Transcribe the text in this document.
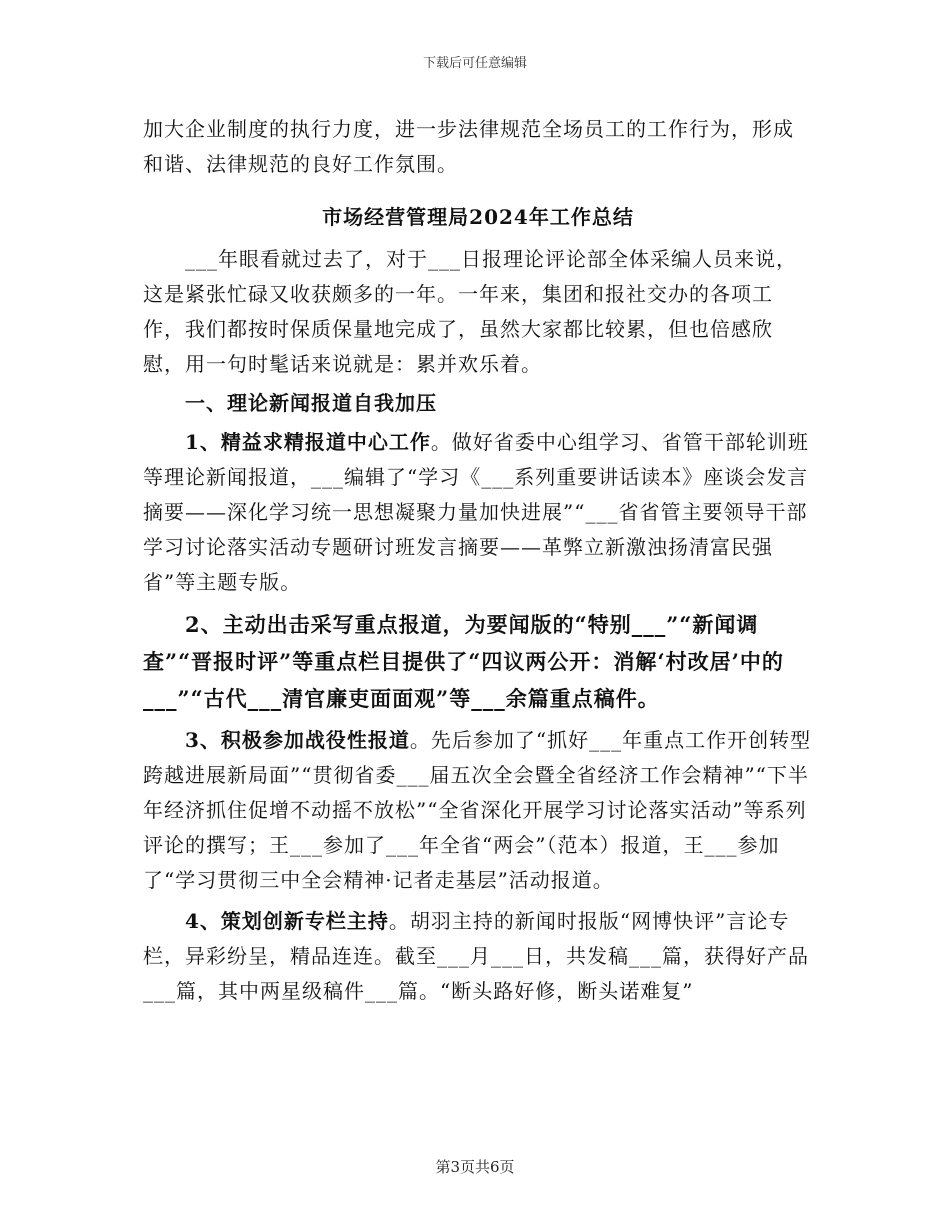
下载后可任意编辑

加大企业制度的执行力度，进一步法律规范全场员工的工作行为，形成和谐、法律规范的良好工作氛围。

市场经营管理局2024年工作总结

___年眼看就过去了，对于___日报理论评论部全体采编人员来说，这是紧张忙碌又收获颇多的一年。一年来，集团和报社交办的各项工作，我们都按时保质保量地完成了，虽然大家都比较累，但也倍感欣慰，用一句时髦话来说就是：累并欢乐着。

一、理论新闻报道自我加压

1、精益求精报道中心工作。做好省委中心组学习、省管干部轮训班等理论新闻报道，___编辑了“学习《___系列重要讲话读本》座谈会发言摘要——深化学习统一思想凝聚力量加快进展”“___省省管主要领导干部学习讨论落实活动专题研讨班发言摘要——革弊立新激浊扬清富民强省”等主题专版。

2、主动出击采写重点报道，为要闻版的“特别___”“新闻调查”“晋报时评”等重点栏目提供了“四议两公开：消解‘村改居’中的___”“古代___清官廉吏面面观”等___余篇重点稿件。

3、积极参加战役性报道。先后参加了“抓好___年重点工作开创转型跨越进展新局面”“贯彻省委___届五次全会暨全省经济工作会精神”“下半年经济抓住促增不动摇不放松”“全省深化开展学习讨论落实活动”等系列评论的撰写；王___参加了___年全省“两会”（范本）报道，王___参加了“学习贯彻三中全会精神·记者走基层”活动报道。

4、策划创新专栏主持。胡羽主持的新闻时报版“网博快评”言论专栏，异彩纷呈，精品连连。截至___月___日，共发稿___篇，获得好产品___篇，其中两星级稿件___篇。“断头路好修，断头诺难复”

第3页共6页
